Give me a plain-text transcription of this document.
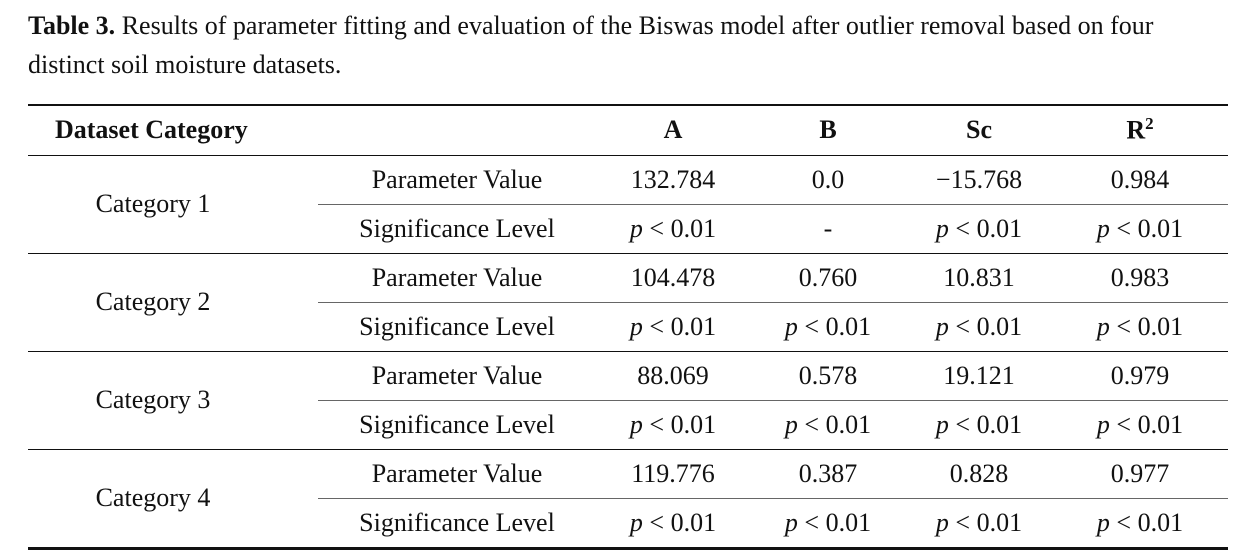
Table 3. Results of parameter fitting and evaluation of the Biswas model after outlier removal based on four distinct soil moisture datasets.
Dataset Category		A	B	Sc	$R^2$
Category 1	Parameter Value	132.784	0.0	−15.768	0.984
	Significance Level	p < 0.01	-	p < 0.01	p < 0.01
Category 2	Parameter Value	104.478	0.760	10.831	0.983
	Significance Level	p < 0.01	p < 0.01	p < 0.01	p < 0.01
Category 3	Parameter Value	88.069	0.578	19.121	0.979
	Significance Level	p < 0.01	p < 0.01	p < 0.01	p < 0.01
Category 4	Parameter Value	119.776	0.387	0.828	0.977
	Significance Level	p < 0.01	p < 0.01	p < 0.01	p < 0.01
